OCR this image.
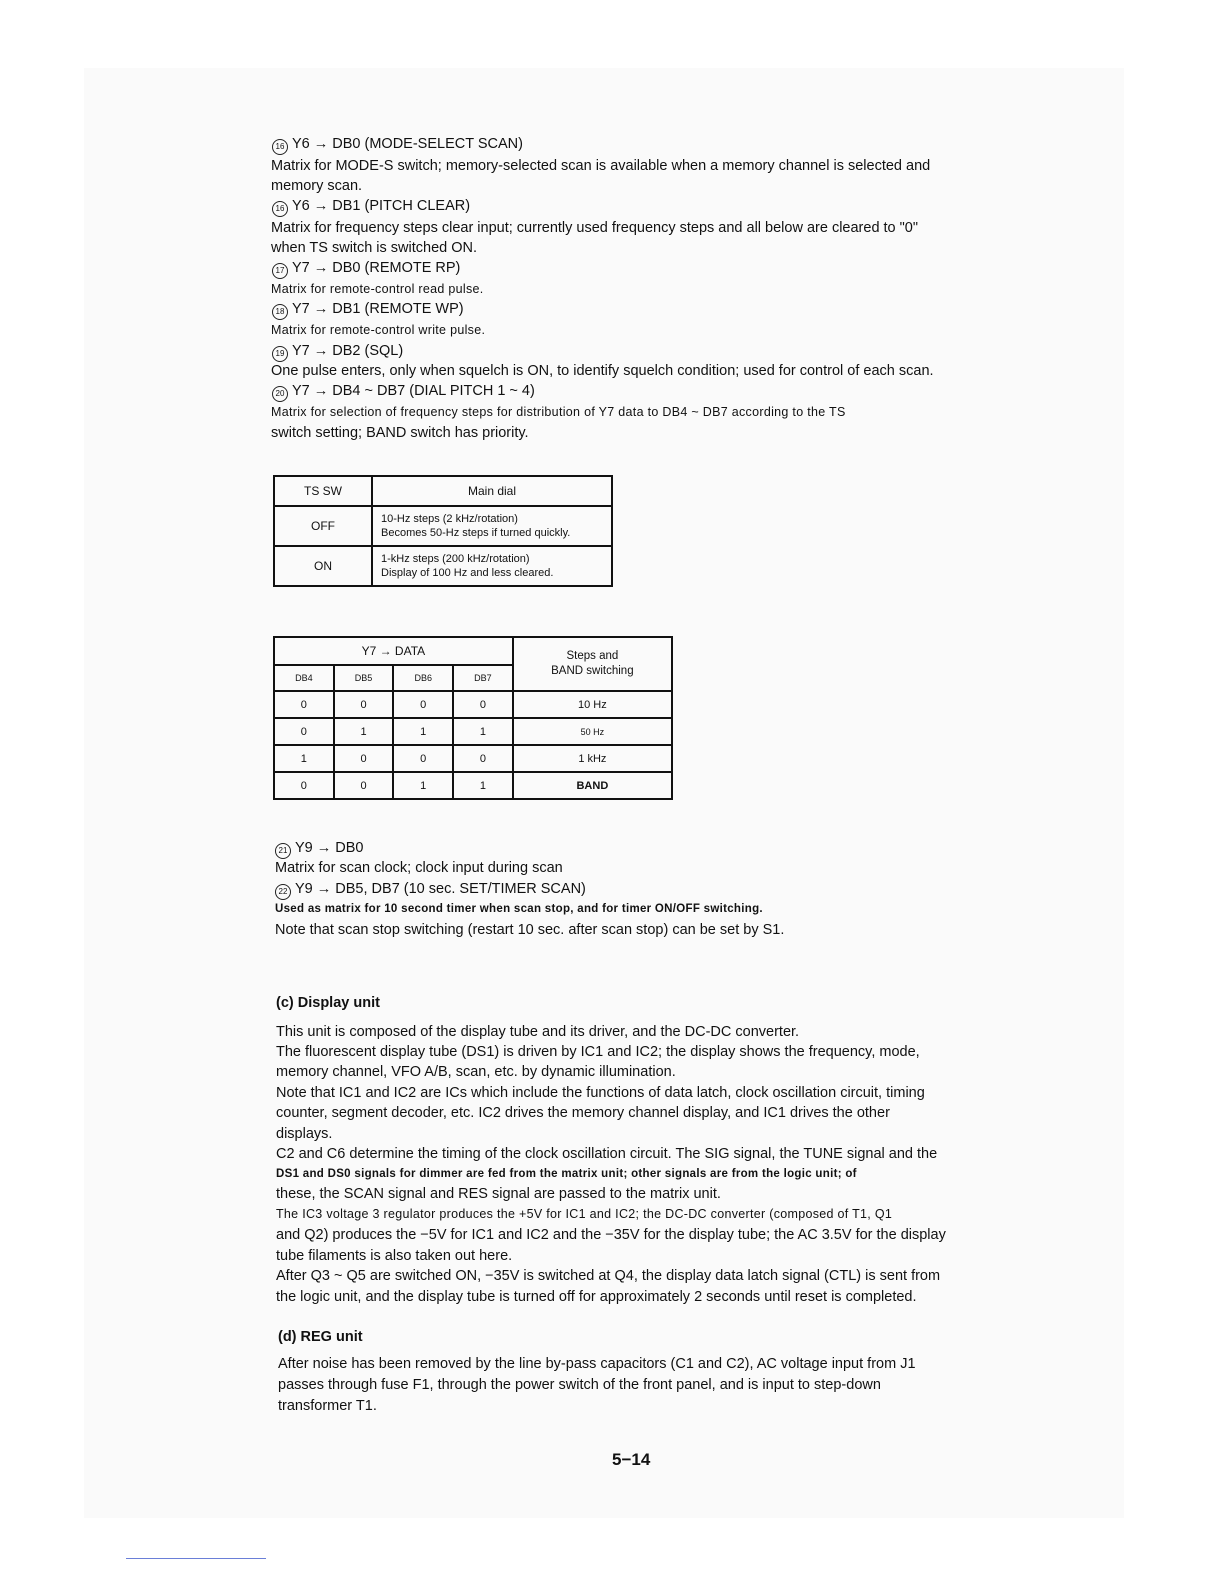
16 Y6 → DB0 (MODE-SELECT SCAN)
Matrix for MODE-S switch; memory-selected scan is available when a memory channel is selected and
memory scan.
16 Y6 → DB1 (PITCH CLEAR)
Matrix for frequency steps clear input; currently used frequency steps and all below are cleared to "0"
when TS switch is switched ON.
17 Y7 → DB0 (REMOTE RP)
Matrix for remote-control read pulse.
18 Y7 → DB1 (REMOTE WP)
Matrix for remote-control write pulse.
19 Y7 → DB2 (SQL)
One pulse enters, only when squelch is ON, to identify squelch condition; used for control of each scan.
20 Y7 → DB4 ~ DB7 (DIAL PITCH 1 ~ 4)
Matrix for selection of frequency steps for distribution of Y7 data to DB4 ~ DB7 according to the TS
switch setting; BAND switch has priority.
TS SW	Main dial
OFF	10-Hz steps (2 kHz/rotation)
Becomes 50-Hz steps if turned quickly.

ON	1-kHz steps (200 kHz/rotation)
Display of 100 Hz and less cleared.
Y7 → DATA				Steps and
BAND switching

DB4	DB5	DB6	DB7	
0	0	0	0	10 Hz
0	1	1	1	50 Hz
1	0	0	0	1 kHz
0	0	1	1	BAND
21 Y9 → DB0
Matrix for scan clock; clock input during scan
22 Y9 → DB5, DB7 (10 sec. SET/TIMER SCAN)
Used as matrix for 10 second timer when scan stop, and for timer ON/OFF switching.
Note that scan stop switching (restart 10 sec. after scan stop) can be set by S1.
(c) Display unit
This unit is composed of the display tube and its driver, and the DC-DC converter.
The fluorescent display tube (DS1) is driven by IC1 and IC2; the display shows the frequency, mode,
memory channel, VFO A/B, scan, etc. by dynamic illumination.
Note that IC1 and IC2 are ICs which include the functions of data latch, clock oscillation circuit, timing
counter, segment decoder, etc. IC2 drives the memory channel display, and IC1 drives the other
displays.
C2 and C6 determine the timing of the clock oscillation circuit. The SIG signal, the TUNE signal and the
DS1 and DS0 signals for dimmer are fed from the matrix unit; other signals are from the logic unit; of
these, the SCAN signal and RES signal are passed to the matrix unit.
The IC3 voltage 3 regulator produces the +5V for IC1 and IC2; the DC-DC converter (composed of T1, Q1
and Q2) produces the −5V for IC1 and IC2 and the −35V for the display tube; the AC 3.5V for the display
tube filaments is also taken out here.
After Q3 ~ Q5 are switched ON, −35V is switched at Q4, the display data latch signal (CTL) is sent from
the logic unit, and the display tube is turned off for approximately 2 seconds until reset is completed.
(d) REG unit
After noise has been removed by the line by-pass capacitors (C1 and C2), AC voltage input from J1
passes through fuse F1, through the power switch of the front panel, and is input to step-down
transformer T1.
5−14
